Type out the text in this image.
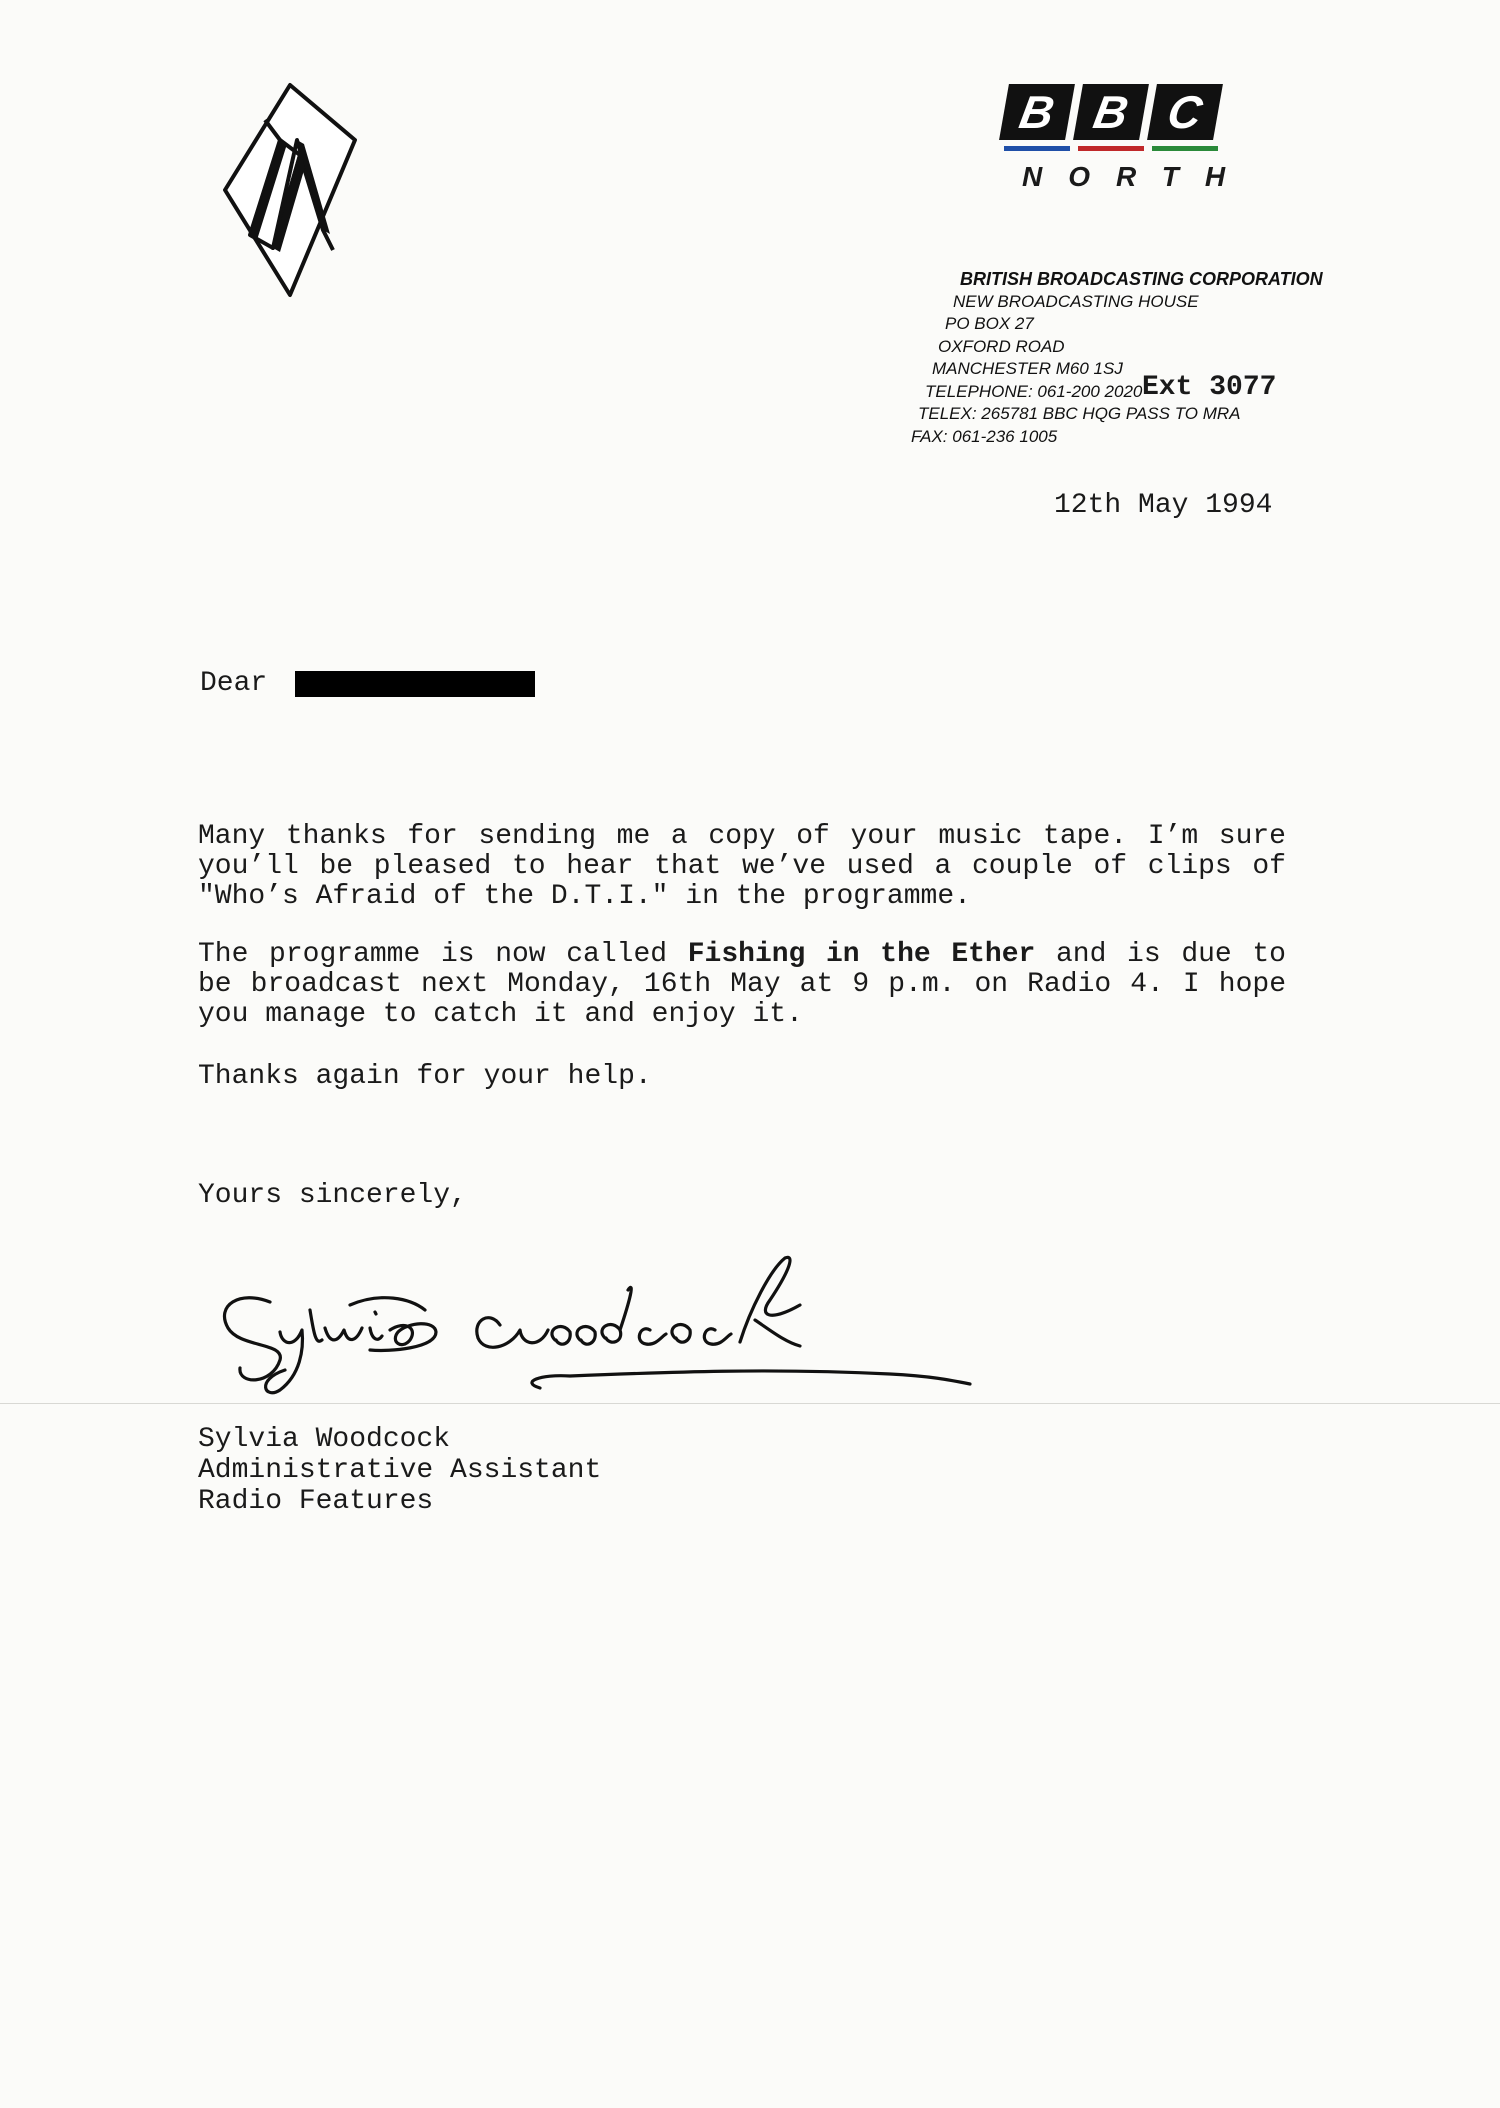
B B C
NORTH
BRITISH BROADCASTING CORPORATION
NEW BROADCASTING HOUSE
PO BOX 27
OXFORD ROAD
MANCHESTER M60 1SJ
TELEPHONE: 061-200 2020
TELEX: 265781 BBC HQG PASS TO MRA
FAX: 061-236 1005
Ext 3077
12th May 1994
Dear
Many thanks for sending me a copy of your music tape. I’m sure you’ll be pleased to hear that we’ve used a couple of clips of "Who’s Afraid of the D.T.I." in the programme.
The programme is now called Fishing in the Ether and is due to be broadcast next Monday, 16th May at 9 p.m. on Radio 4. I hope you manage to catch it and enjoy it.
Thanks again for your help.
Yours sincerely,
Sylvia Woodcock
Administrative Assistant
Radio Features
